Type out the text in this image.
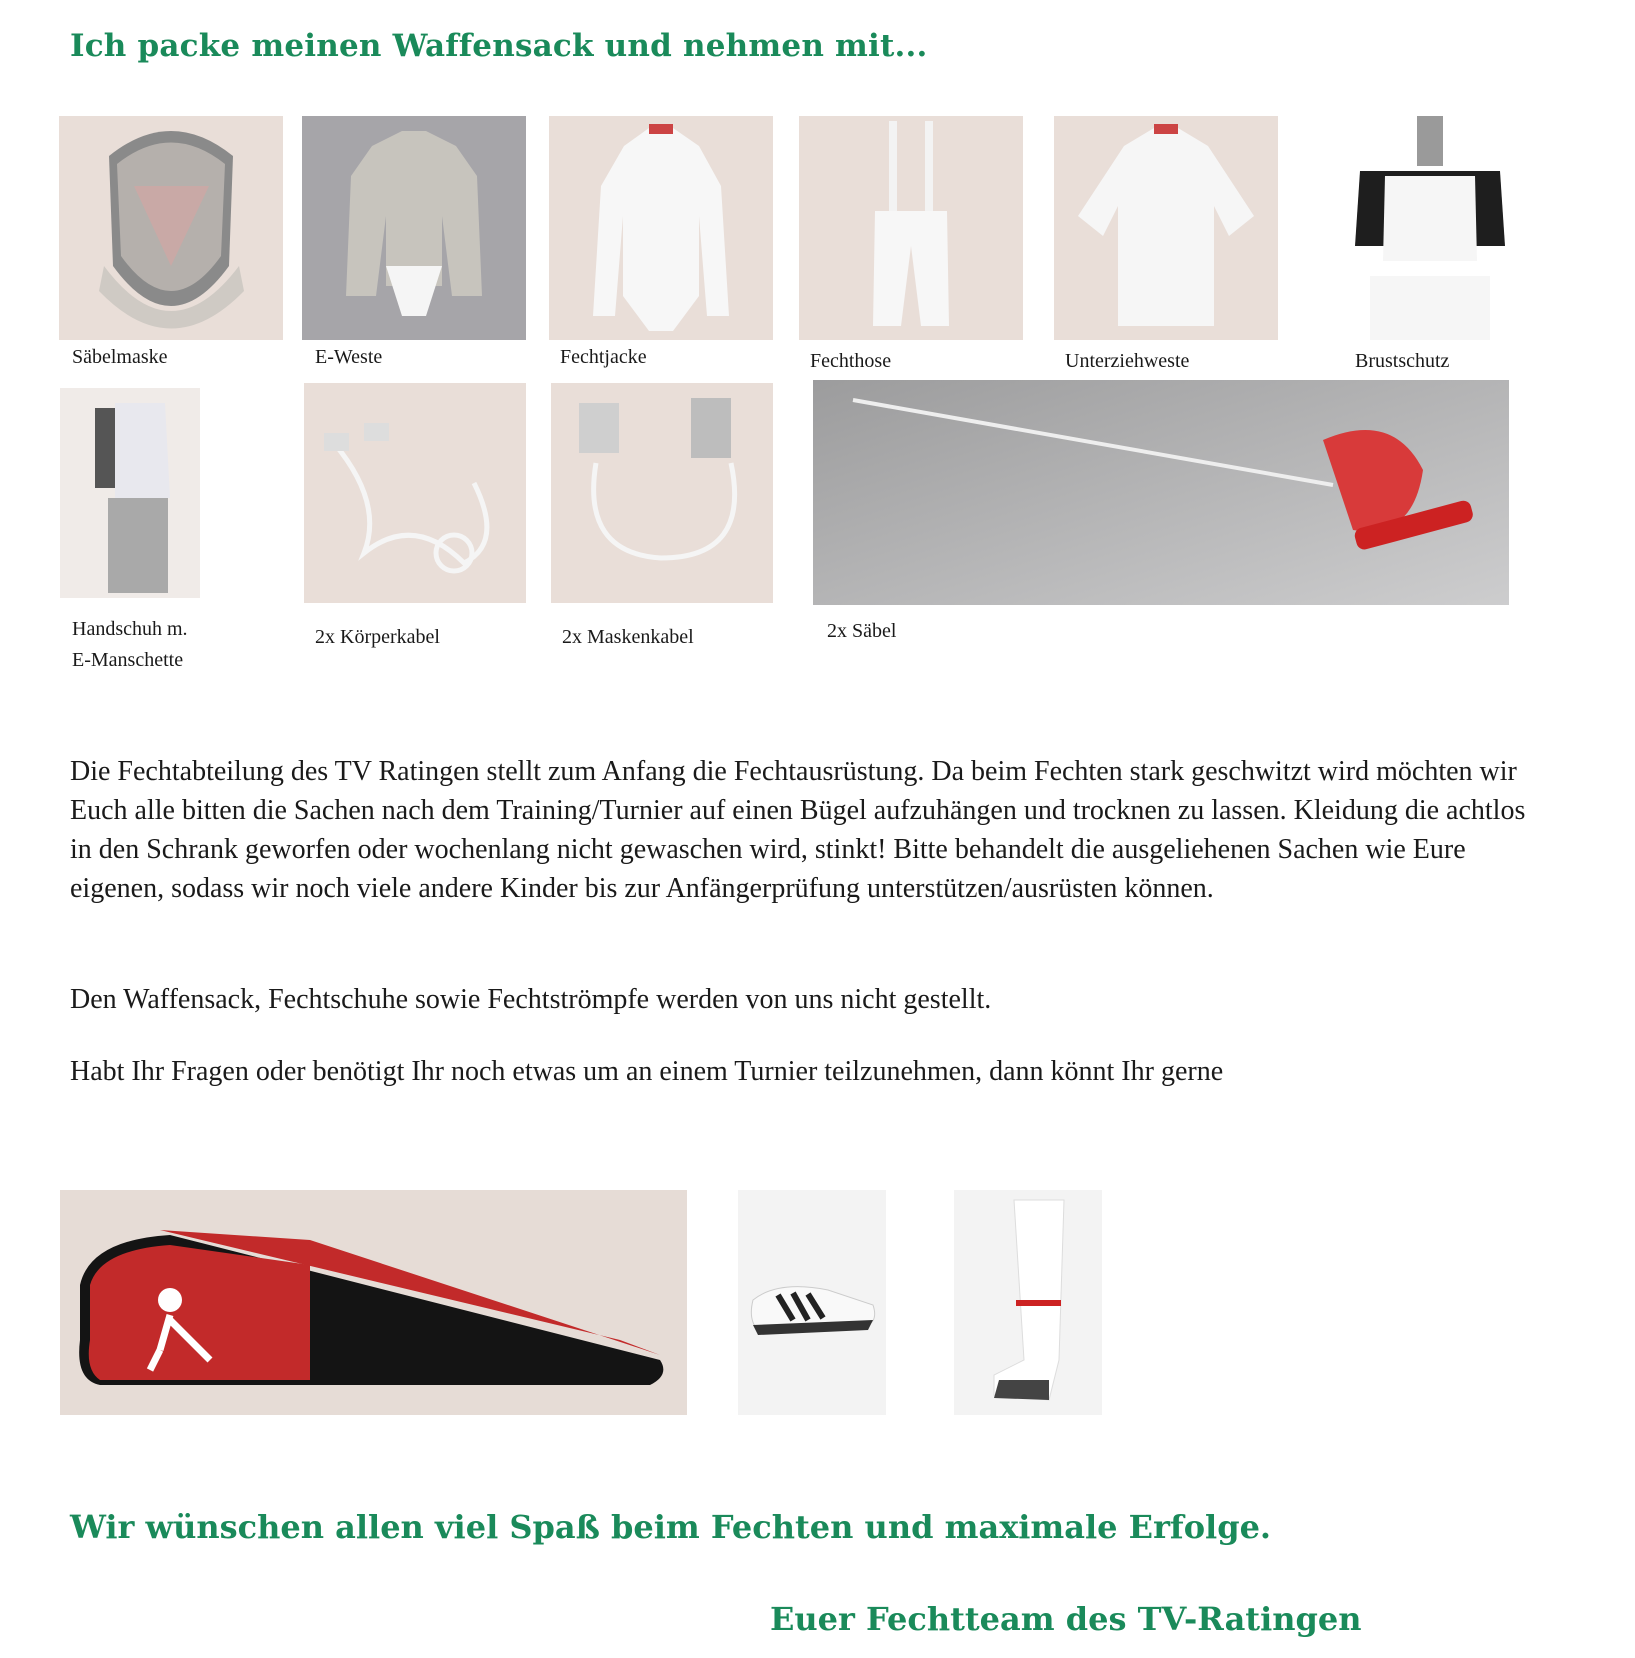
Ich packe meinen Waffensack und nehmen mit...
Säbelmaske	E-Weste	Fechtjacke	Fechthose	Unterziehweste	Brustschutz
Handschuh m.
E-Manschette
2x Körperkabel	2x Maskenkabel	2x Säbel

Die Fechtabteilung des TV Ratingen stellt zum Anfang die Fechtausrüstung. Da beim Fechten stark geschwitzt wird möchten wir Euch alle bitten die Sachen nach dem Training/Turnier auf einen Bügel aufzuhängen und trocknen zu lassen. Kleidung die achtlos in den Schrank geworfen oder wochenlang nicht gewaschen wird, stinkt! Bitte behandelt die ausgeliehenen Sachen wie Eure eigenen, sodass wir noch viele andere Kinder bis zur Anfängerprüfung unterstützen/ausrüsten können.

Den Waffensack, Fechtschuhe sowie Fechtströmpfe werden von uns nicht gestellt.

Habt Ihr Fragen oder benötigt Ihr noch etwas um an einem Turnier teilzunehmen, dann könnt Ihr gerne

Wir wünschen allen viel Spaß beim Fechten und maximale Erfolge.
Euer Fechtteam des TV-Ratingen
